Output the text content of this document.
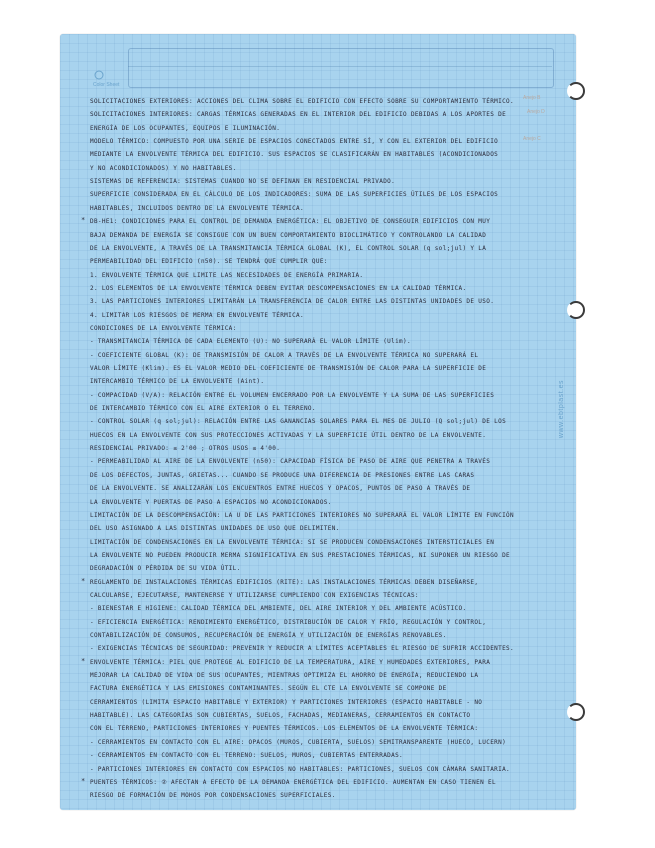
Color Sheet
www.ebtplast.es
SOLICITACIONES EXTERIORES: ACCIONES DEL CLIMA SOBRE EL EDIFICIO CON EFECTO SOBRE SU COMPORTAMIENTO TÉRMICO.
SOLICITACIONES INTERIORES: CARGAS TÉRMICAS GENERADAS EN EL INTERIOR DEL EDIFICIO DEBIDAS A LOS APORTES DE
ENERGÍA DE LOS OCUPANTES, EQUIPOS E ILUMINACIÓN.
MODELO TÉRMICO: COMPUESTO POR UNA SERIE DE ESPACIOS CONECTADOS ENTRE SÍ, Y CON EL EXTERIOR DEL EDIFICIO
MEDIANTE LA ENVOLVENTE TÉRMICA DEL EDIFICIO. SUS ESPACIOS SE CLASIFICARÁN EN HABITABLES (ACONDICIONADOS
Y NO ACONDICIONADOS) Y NO HABITABLES.
SISTEMAS DE REFERENCIA: SISTEMAS CUANDO NO SE DEFINAN EN RESIDENCIAL PRIVADO.
SUPERFICIE CONSIDERADA EN EL CÁLCULO DE LOS INDICADORES: SUMA DE LAS SUPERFICIES ÚTILES DE LOS ESPACIOS
HABITABLES, INCLUIDOS DENTRO DE LA ENVOLVENTE TÉRMICA.
DB-HE1: CONDICIONES PARA EL CONTROL DE DEMANDA ENERGÉTICA: EL OBJETIVO DE CONSEGUIR EDIFICIOS CON MUY
*
BAJA DEMANDA DE ENERGÍA SE CONSIGUE CON UN BUEN COMPORTAMIENTO BIOCLIMÁTICO Y CONTROLANDO LA CALIDAD
DE LA ENVOLVENTE, A TRAVÉS DE LA TRANSMITANCIA TÉRMICA GLOBAL (K), EL CONTROL SOLAR (q sol;jul) Y LA
PERMEABILIDAD DEL EDIFICIO (n50). SE TENDRÁ QUE CUMPLIR QUE:
1. ENVOLVENTE TÉRMICA QUE LIMITE LAS NECESIDADES DE ENERGÍA PRIMARIA.
2. LOS ELEMENTOS DE LA ENVOLVENTE TÉRMICA DEBEN EVITAR DESCOMPENSACIONES EN LA CALIDAD TÉRMICA.
3. LAS PARTICIONES INTERIORES LIMITARÁN LA TRANSFERENCIA DE CALOR ENTRE LAS DISTINTAS UNIDADES DE USO.
4. LIMITAR LOS RIESGOS DE MERMA EN ENVOLVENTE TÉRMICA.
CONDICIONES DE LA ENVOLVENTE TÉRMICA:
- TRANSMITANCIA TÉRMICA DE CADA ELEMENTO (U): NO SUPERARÁ EL VALOR LÍMITE (Ulim).
- COEFICIENTE GLOBAL (K): DE TRANSMISIÓN DE CALOR A TRAVÉS DE LA ENVOLVENTE TÉRMICA NO SUPERARÁ EL
VALOR LÍMITE (Klim). ES EL VALOR MEDIO DEL COEFICIENTE DE TRANSMISIÓN DE CALOR PARA LA SUPERFICIE DE
INTERCAMBIO TÉRMICO DE LA ENVOLVENTE (Aint).
- COMPACIDAD (V/A): RELACIÓN ENTRE EL VOLUMEN ENCERRADO POR LA ENVOLVENTE Y LA SUMA DE LAS SUPERFICIES
DE INTERCAMBIO TÉRMICO CON EL AIRE EXTERIOR O EL TERRENO.
- CONTROL SOLAR (q sol;jul): RELACIÓN ENTRE LAS GANANCIAS SOLARES PARA EL MES DE JULIO (Q sol;jul) DE LOS
HUECOS EN LA ENVOLVENTE CON SUS PROTECCIONES ACTIVADAS Y LA SUPERFICIE ÚTIL DENTRO DE LA ENVOLVENTE.
RESIDENCIAL PRIVADO: ≤ 2'00 ; OTROS USOS ≤ 4'00.
- PERMEABILIDAD AL AIRE DE LA ENVOLVENTE (n50): CAPACIDAD FÍSICA DE PASO DE AIRE QUE PENETRA A TRAVÉS
DE LOS DEFECTOS, JUNTAS, GRIETAS... CUANDO SE PRODUCE UNA DIFERENCIA DE PRESIONES ENTRE LAS CARAS
DE LA ENVOLVENTE. SE ANALIZARÁN LOS ENCUENTROS ENTRE HUECOS Y OPACOS, PUNTOS DE PASO A TRAVÉS DE
LA ENVOLVENTE Y PUERTAS DE PASO A ESPACIOS NO ACONDICIONADOS.
LIMITACIÓN DE LA DESCOMPENSACIÓN: LA U DE LAS PARTICIONES INTERIORES NO SUPERARÁ EL VALOR LÍMITE EN FUNCIÓN
DEL USO ASIGNADO A LAS DISTINTAS UNIDADES DE USO QUE DELIMITEN.
LIMITACIÓN DE CONDENSACIONES EN LA ENVOLVENTE TÉRMICA: SI SE PRODUCEN CONDENSACIONES INTERSTICIALES EN
LA ENVOLVENTE NO PUEDEN PRODUCIR MERMA SIGNIFICATIVA EN SUS PRESTACIONES TÉRMICAS, NI SUPONER UN RIESGO DE
DEGRADACIÓN O PÉRDIDA DE SU VIDA ÚTIL.
REGLAMENTO DE INSTALACIONES TÉRMICAS EDIFICIOS (RITE): LAS INSTALACIONES TÉRMICAS DEBEN DISEÑARSE,
*
CALCULARSE, EJECUTARSE, MANTENERSE Y UTILIZARSE CUMPLIENDO CON EXIGENCIAS TÉCNICAS:
- BIENESTAR E HIGIENE: CALIDAD TÉRMICA DEL AMBIENTE, DEL AIRE INTERIOR Y DEL AMBIENTE ACÚSTICO.
- EFICIENCIA ENERGÉTICA: RENDIMIENTO ENERGÉTICO, DISTRIBUCIÓN DE CALOR Y FRÍO, REGULACIÓN Y CONTROL,
CONTABILIZACIÓN DE CONSUMOS, RECUPERACIÓN DE ENERGÍA Y UTILIZACIÓN DE ENERGÍAS RENOVABLES.
- EXIGENCIAS TÉCNICAS DE SEGURIDAD: PREVENIR Y REDUCIR A LÍMITES ACEPTABLES EL RIESGO DE SUFRIR ACCIDENTES.
ENVOLVENTE TÉRMICA: PIEL QUE PROTEGE AL EDIFICIO DE LA TEMPERATURA, AIRE Y HUMEDADES EXTERIORES, PARA
*
MEJORAR LA CALIDAD DE VIDA DE SUS OCUPANTES, MIENTRAS OPTIMIZA EL AHORRO DE ENERGÍA, REDUCIENDO LA
FACTURA ENERGÉTICA Y LAS EMISIONES CONTAMINANTES. SEGÚN EL CTE LA ENVOLVENTE SE COMPONE DE
CERRAMIENTOS (LIMITA ESPACIO HABITABLE Y EXTERIOR) Y PARTICIONES INTERIORES (ESPACIO HABITABLE - NO
HABITABLE). LAS CATEGORÍAS SON CUBIERTAS, SUELOS, FACHADAS, MEDIANERAS, CERRAMIENTOS EN CONTACTO
CON EL TERRENO, PARTICIONES INTERIORES Y PUENTES TÉRMICOS. LOS ELEMENTOS DE LA ENVOLVENTE TÉRMICA:
- CERRAMIENTOS EN CONTACTO CON EL AIRE: OPACOS (MUROS, CUBIERTA, SUELOS) SEMITRANSPARENTE (HUECO, LUCERN)
- CERRAMIENTOS EN CONTACTO CON EL TERRENO: SUELOS, MUROS, CUBIERTAS ENTERRADAS.
- PARTICIONES INTERIORES EN CONTACTO CON ESPACIOS NO HABITABLES: PARTICIONES, SUELOS CON CÁMARA SANITARIA.
PUENTES TÉRMICOS: ② AFECTAN A EFECTO DE LA DEMANDA ENERGÉTICA DEL EDIFICIO. AUMENTAN EN CASO TIENEN EL
*
RIESGO DE FORMACIÓN DE MOHOS POR CONDENSACIONES SUPERFICIALES.
Anejo B
Anejo D
Anejo C
